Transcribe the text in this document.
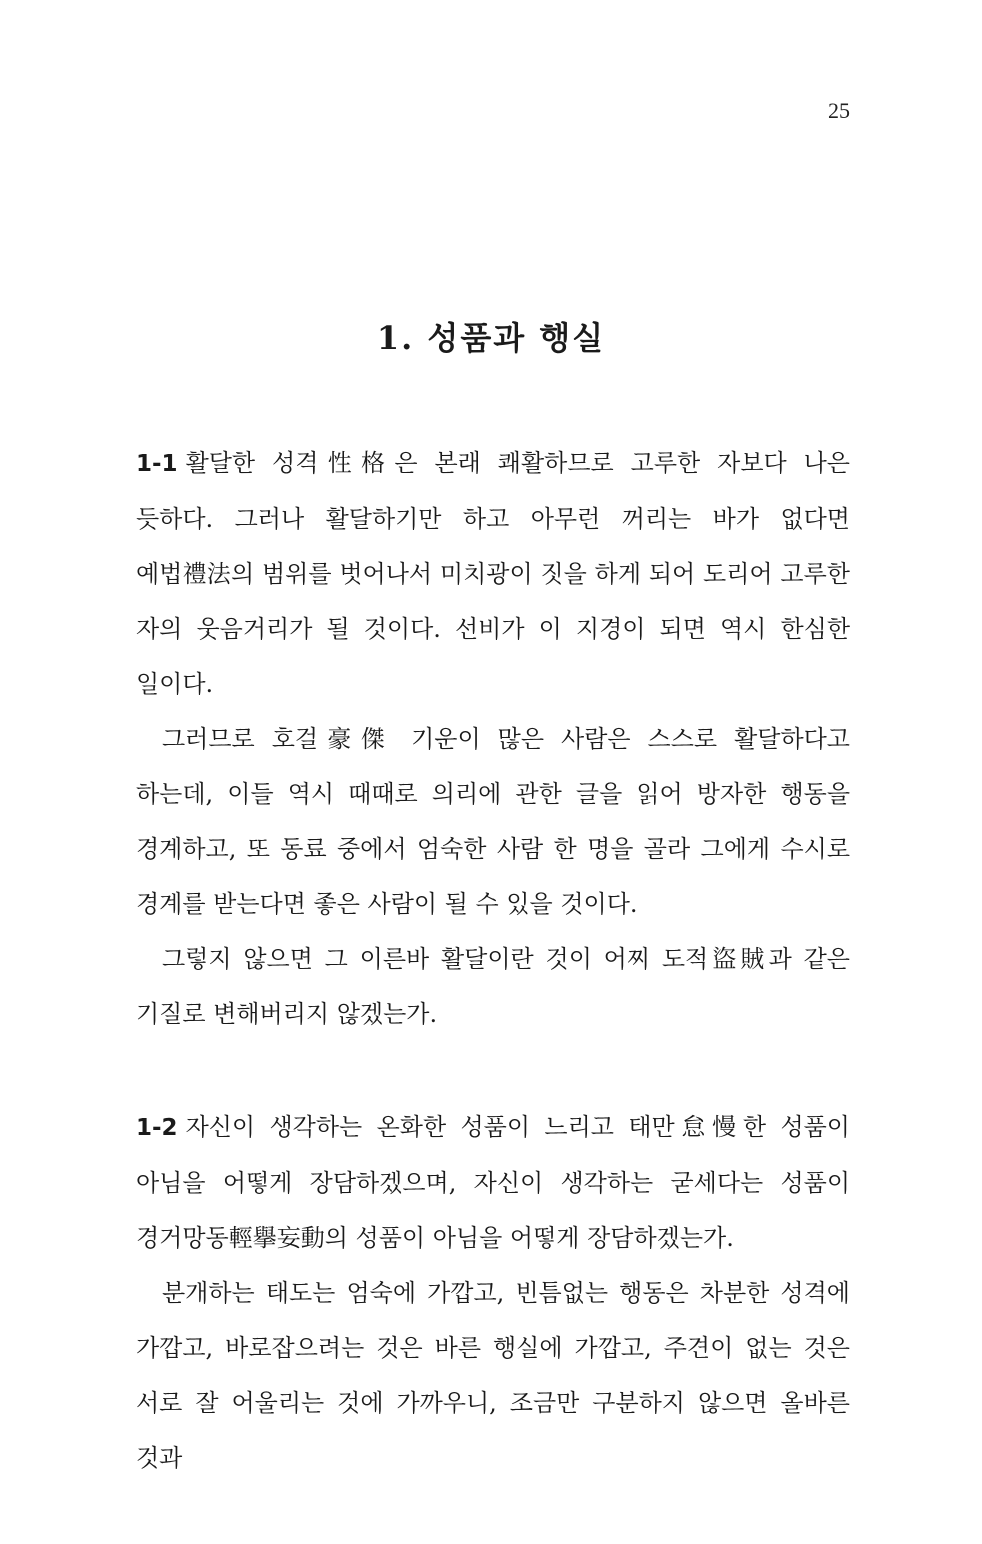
25
1. 성품과 행실

1-1 활달한 성격性格은 본래 쾌활하므로 고루한 자보다 나은 듯하다. 그러나 활달하기만 하고 아무런 꺼리는 바가 없다면 예법禮法의 범위를 벗어나서 미치광이 짓을 하게 되어 도리어 고루한 자의 웃음거리가 될 것이다. 선비가 이 지경이 되면 역시 한심한 일이다.

그러므로 호걸豪傑 기운이 많은 사람은 스스로 활달하다고 하는데, 이들 역시 때때로 의리에 관한 글을 읽어 방자한 행동을 경계하고, 또 동료 중에서 엄숙한 사람 한 명을 골라 그에게 수시로 경계를 받는다면 좋은 사람이 될 수 있을 것이다.

그렇지 않으면 그 이른바 활달이란 것이 어찌 도적盜賊과 같은 기질로 변해버리지 않겠는가.

1-2 자신이 생각하는 온화한 성품이 느리고 태만怠慢한 성품이 아님을 어떻게 장담하겠으며, 자신이 생각하는 굳세다는 성품이 경거망동輕擧妄動의 성품이 아님을 어떻게 장담하겠는가.

분개하는 태도는 엄숙에 가깝고, 빈틈없는 행동은 차분한 성격에 가깝고, 바로잡으려는 것은 바른 행실에 가깝고, 주견이 없는 것은 서로 잘 어울리는 것에 가까우니, 조금만 구분하지 않으면 올바른 것과
